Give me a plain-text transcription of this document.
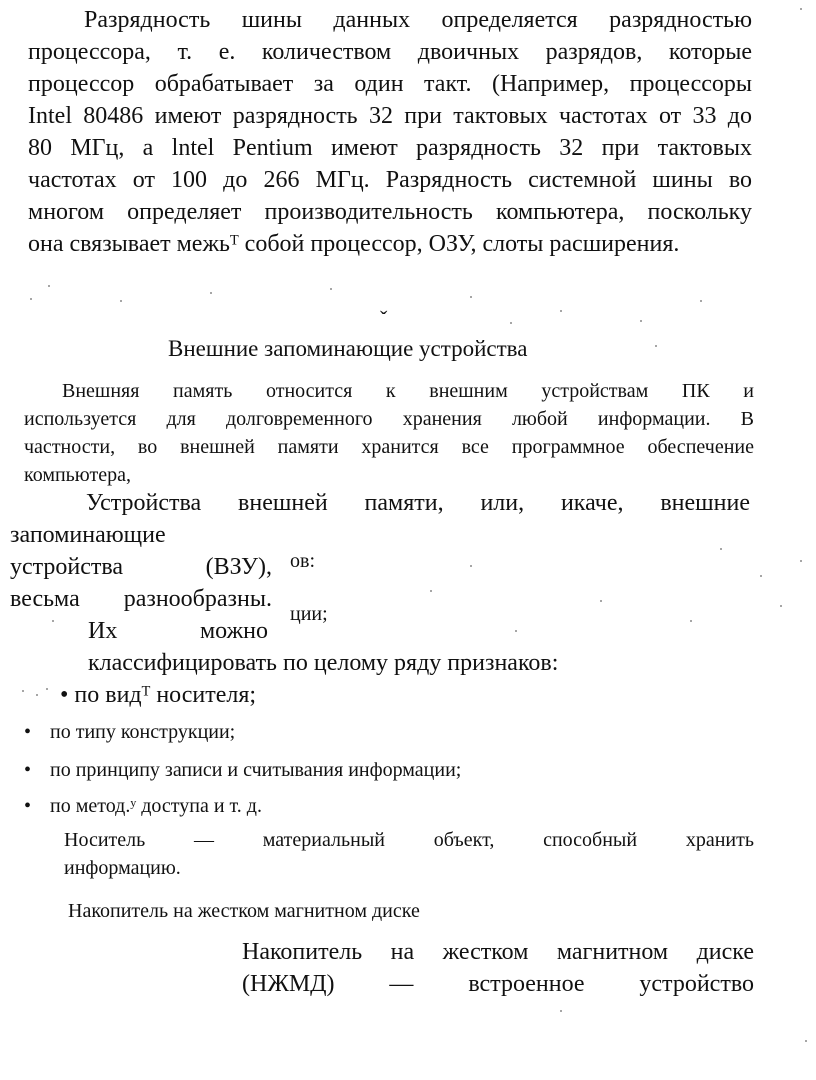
Разрядность шины данных определяется разрядностью
процессора, т. е. количеством двоичных разрядов, которые
процессор обрабатывает за один такт. (Например, процессоры
Intel 80486 имеют разрядность 32 при тактовых частотах от 33 до
80 МГц, а lntel Pentium имеют разрядность 32 при тактовых
частотах от 100 до 266 МГц. Разрядность системной шины во
многом определяет производительность компьютера, поскольку
она связывает межьᵀ собой процессор, ОЗУ, слоты расширения.
ˇ
Внешние запоминающие устройства
Внешняя память относится к внешним устройствам ПК и
используется для долговременного хранения любой информации. В
частности, во внешней памяти хранится все программное обеспечение
компьютера,
Устройства внешней памяти, или, икаче, внешние
запоминающие
устройства (ВЗУ),
весьма разнообразны.
ов:
ции;
Их можно
классифицировать по целому ряду признаков:
• по видᵀ носителя;
• по типу конструкции;
• по принципу записи и считывания информации;
• по метод.ʸ доступа и т. д.
Носитель — материальный объект, способный хранить
информацию.
Накопитель на жестком магнитном диске
Накопитель на жестком магнитном диске
(НЖМД) — встроенное устройство
